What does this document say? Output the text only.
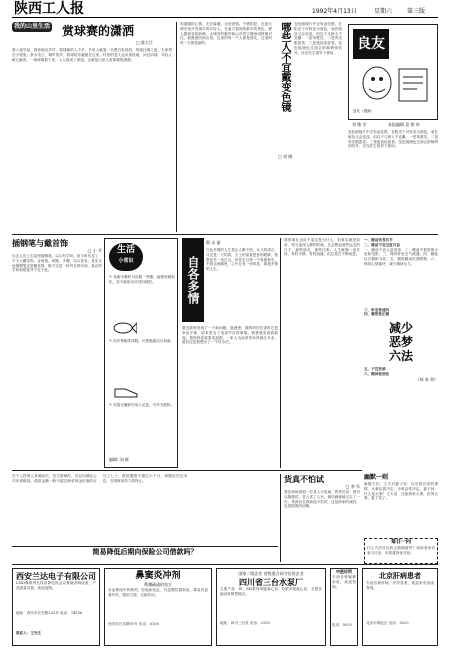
陕西工人报	1992年4月13日	星期六 第三版
我的山里生活 赏球赛的潇洒
□ 陈大江
我入夜早起，我家地处乡村，看球赛的人不多，乡里人就靠一台黑白电视机。每逢比赛之夜，大家挤在小屋里，茶水瓜子，喊声笑声，看球的乐趣就在这里。村里的老人也来凑热闹，问这问那，年轻人耐心解说，一场球赛看下来，人人都成了球迷。这就是山里人赏球赛的潇洒。
和谐婚的心情，无法躲避，无论爱情。不错的是，也是大城市里开发城市的年轻人，在南方看到的都市的景色，使人感到非常新鲜。大城市的繁华和山乡的宁静形成鲜明对比，我愿意回到山里。这里的每一个人都是朋友，这里的每一天都是新的。	哪些人不宜戴变色镜 变色眼镜片中含有卤化银，在阳光下可转变为深色，而在暗处又会变浅，但以下几种人不宜戴：一是驾驶员，二是青光眼患者，三是夜盲症患者。变色镜颜色过深会影响辨别信号，应在医生指导下使用。
良友
良友（漫画）
刘 唯 学	本报编辑 意 徐 审
变色眼镜片中含有卤化银，在阳光下可转变为深色，而在暗处又会变浅，但以下几种人不宜戴：一是驾驶员，二是青光眼患者，三是夜盲症患者。变色镜颜色过深会影响辨别信号，应在医生指导下使用。
□ 刘 晓
插钢笔与戴首饰
□ 小 平
过去人们上衣袋里插钢笔，以示有学问。如今时代变了，不少人戴首饰，金戒指，项链，手镯，以示富有。其实无论插钢笔还是戴首饰，都不过是一种外在的东西，真正的学问和财富并不在于此。
生活
小常识
✎ 鱼刺卡喉时可吞服一些醋，能使鱼刺软化，若不能取出应及时就医。
✎ 用牙膏刷洗球鞋，可使鞋面洁白如新。
✎ 鸡蛋壳碾碎后放入花盆，可作为肥料。
编辑: 刘 辉
自各多情
殷 永 丽
白色多情的人生是让人醉个的，女儿的诺言，月光是一天的真，天上的星星是你的眼睛，我愿化作一朵白云，伴你走过每一个春夏秋冬。不管走到哪里，心中总有一份牵挂，那是多情的人生。
最近我家发现了一个新问题，我爸爸，我妈妈在吃饭时总是争论不休，原来是为了电视节目的事情。我爸爸喜欢看新闻，我妈妈喜欢看电视剧，一家人为此常常争得面红耳赤，最后还是我想出了一个好办法。
我的朋友也说不清这是为什么，但事实就是如此，每当夜深人静的时候，总会想起那些远去的日子，那些朋友，那些往事。人生就像一条长河，有时平静，有时汹涌，但总是在不断前进。
一、睡前饮食有节
二、睡前不宜过度兴奋
一、睡前不宜大量进食；二、睡前不看恐怖小说和电影；三、保持卧室空气流通；四、睡姿以右侧卧为佳；五、避免睡前饮酒吸烟；六、保持心情愉快，减少精神压力。
三、卧室要通风
四、睡姿要正确
减少
恶梦
六法
五、不宜饮酒
六、精神要放松
（林 英 剑）
在个人投保人身保险后，发生困难时，可以向保险公司申请借款。借款金额一般不超过保单现金价值的百分之七十，借款期限不超过六个月，到期应归还本息，否则保单效力将终止。
简易降低后期向保险公司借款吗？
货真不怕试
□ 李 军
我在商场看到一位老人买电扇，售货员说：您可以随便试。老人试了几台，最后满意地买走了一台。货真价实的商品不怕试，这是商家的诚信，也是顾客的信赖。
幽默一则
新婚夫妇，丈夫对妻子说：以后我们家的事情，大事由我决定，小事由你决定。妻子问：什么是大事？丈夫说：比如国家大事，世界大事。妻子笑了。
西安兰达电子有限公司
LMD牌系列无线话筒电视会议系统音响设备，产品质量可靠，欢迎选购。
地址：西安市长安路233号 电话：74556
联系人：王先生
鼻窦炎冲剂
鼻渊疏通的良方
本品系纯中药制剂，经临床验证，对急慢性鼻窦炎、鼻炎有显著疗效，服用方便，无副作用。
西安市长乐路81号 电话：6158
国家二级企业 省级重合同守信用企业
四川省三台水泵厂
主要产品：IS、SH系列单级离心泵，D型多级离心泵，全国各地设有销售网点。
地址：四川三台县 电话：2255
中医诊所
专治各种疑难杂症，欢迎咨询。
电话：5053
北京肝病患者
专治各种肝病，疗效显著，欢迎来电来函咨询。
北京市海淀区 电话：8325
每日一问
什么方法可以防止眼睛疲劳？请读者来信参与讨论，本报将择优刊登。
